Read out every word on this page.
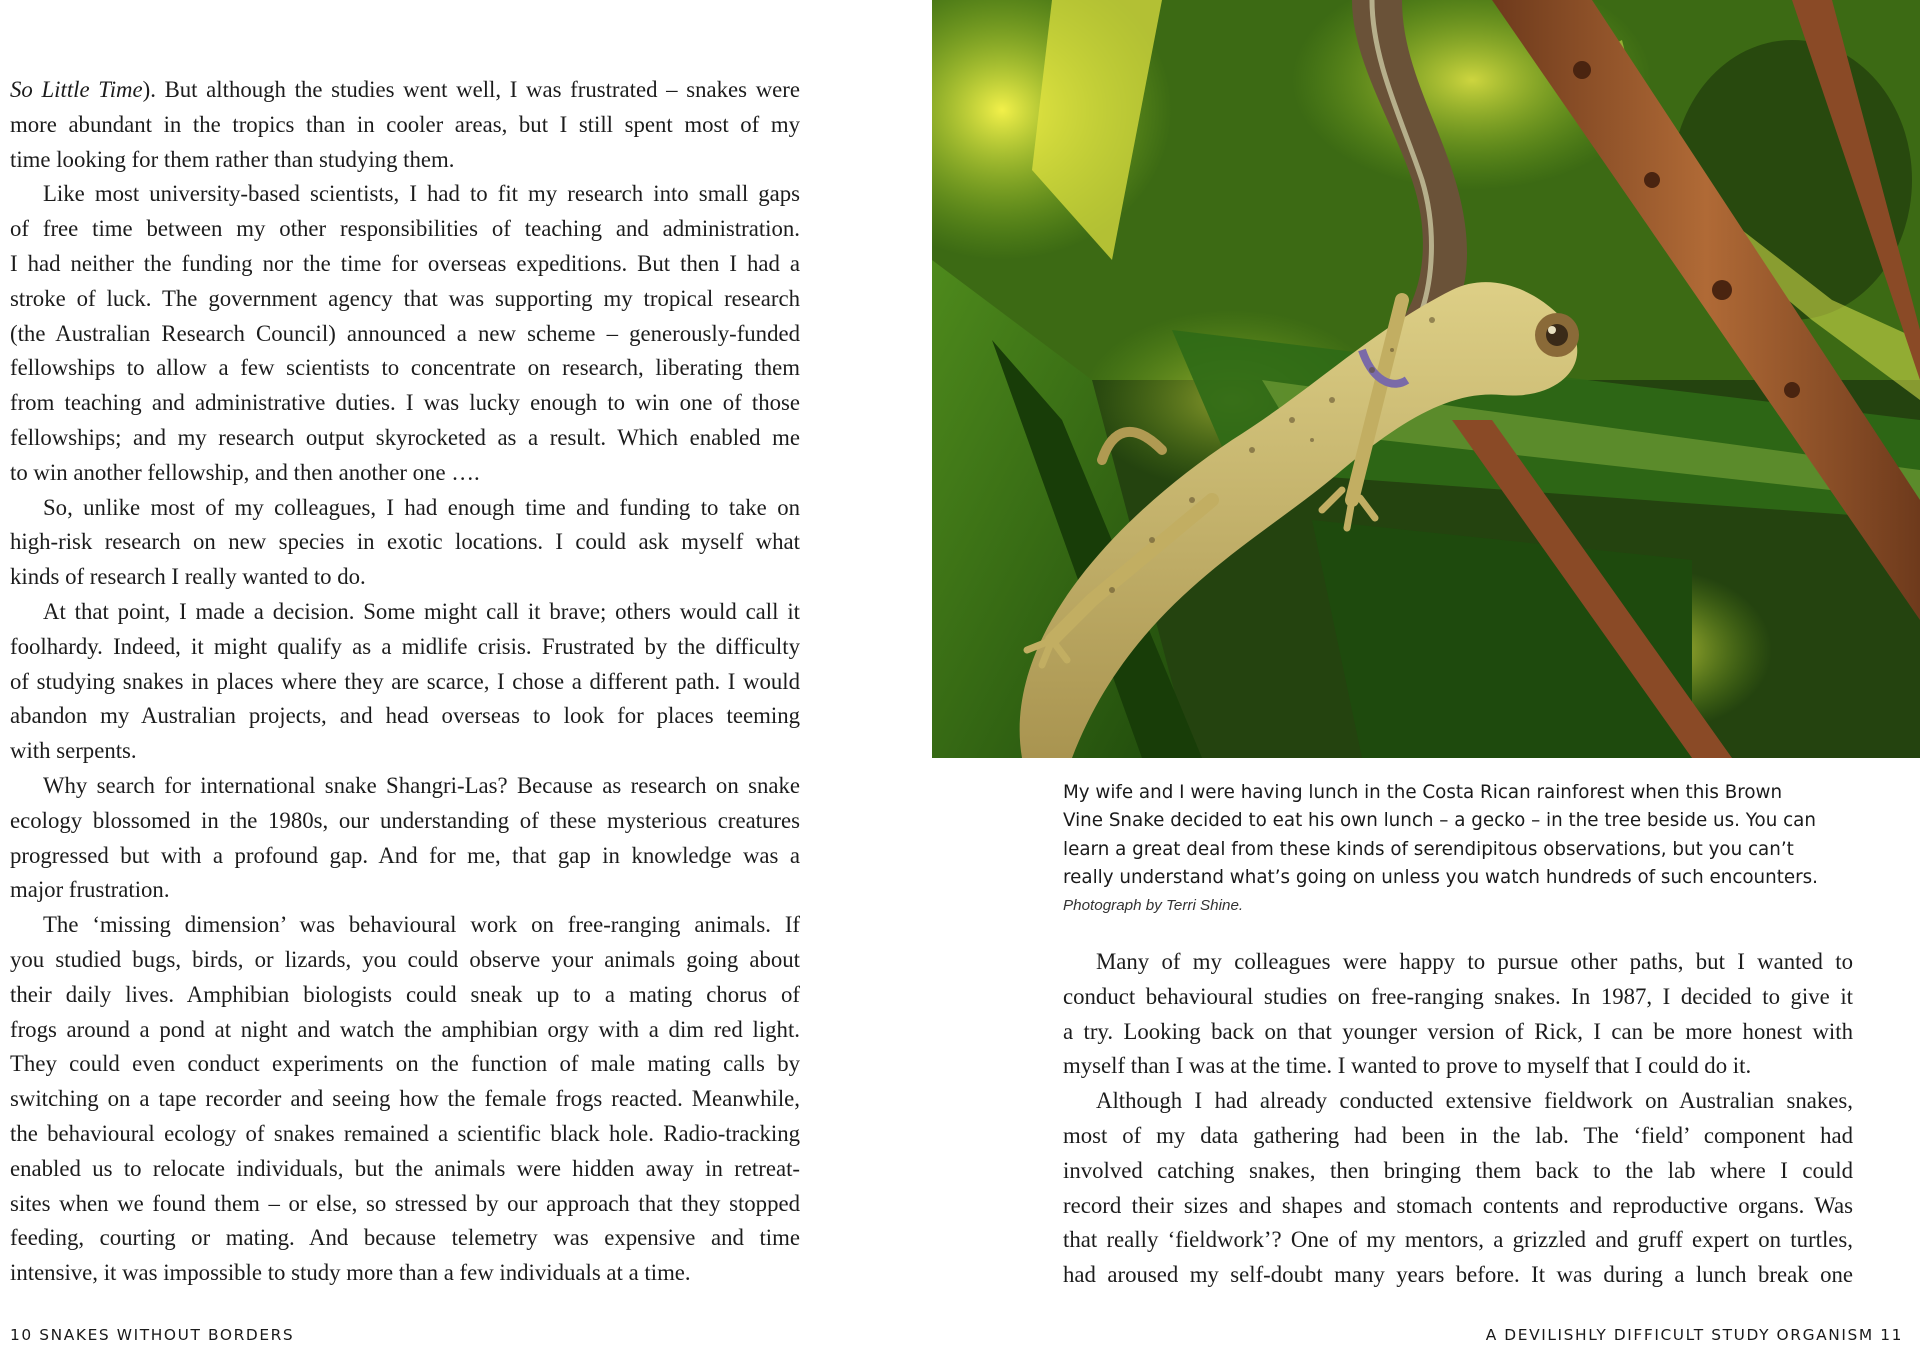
So Little Time). But although the studies went well, I was frustrated – snakes were
more abundant in the tropics than in cooler areas, but I still spent most of my
time looking for them rather than studying them.
Like most university-based scientists, I had to fit my research into small gaps
of free time between my other responsibilities of teaching and administration.
I had neither the funding nor the time for overseas expeditions. But then I had a
stroke of luck. The government agency that was supporting my tropical research
(the Australian Research Council) announced a new scheme – generously-funded
fellowships to allow a few scientists to concentrate on research, liberating them
from teaching and administrative duties. I was lucky enough to win one of those
fellowships; and my research output skyrocketed as a result. Which enabled me
to win another fellowship, and then another one ….
So, unlike most of my colleagues, I had enough time and funding to take on
high-risk research on new species in exotic locations. I could ask myself what
kinds of research I really wanted to do.
At that point, I made a decision. Some might call it brave; others would call it
foolhardy. Indeed, it might qualify as a midlife crisis. Frustrated by the difficulty
of studying snakes in places where they are scarce, I chose a different path. I would
abandon my Australian projects, and head overseas to look for places teeming
with serpents.
Why search for international snake Shangri-Las? Because as research on snake
ecology blossomed in the 1980s, our understanding of these mysterious creatures
progressed but with a profound gap. And for me, that gap in knowledge was a
major frustration.
The ‘missing dimension’ was behavioural work on free-ranging animals. If
you studied bugs, birds, or lizards, you could observe your animals going about
their daily lives. Amphibian biologists could sneak up to a mating chorus of
frogs around a pond at night and watch the amphibian orgy with a dim red light.
They could even conduct experiments on the function of male mating calls by
switching on a tape recorder and seeing how the female frogs reacted. Meanwhile,
the behavioural ecology of snakes remained a scientific black hole. Radio-tracking
enabled us to relocate individuals, but the animals were hidden away in retreat-
sites when we found them – or else, so stressed by our approach that they stopped
feeding, courting or mating. And because telemetry was expensive and time
intensive, it was impossible to study more than a few individuals at a time.
My wife and I were having lunch in the Costa Rican rainforest when this Brown
Vine Snake decided to eat his own lunch – a gecko – in the tree beside us. You can
learn a great deal from these kinds of serendipitous observations, but you can’t
really understand what’s going on unless you watch hundreds of such encounters.
Photograph by Terri Shine.
Many of my colleagues were happy to pursue other paths, but I wanted to
conduct behavioural studies on free-ranging snakes. In 1987, I decided to give it
a try. Looking back on that younger version of Rick, I can be more honest with
myself than I was at the time. I wanted to prove to myself that I could do it.
Although I had already conducted extensive fieldwork on Australian snakes,
most of my data gathering had been in the lab. The ‘field’ component had
involved catching snakes, then bringing them back to the lab where I could
record their sizes and shapes and stomach contents and reproductive organs. Was
that really ‘fieldwork’? One of my mentors, a grizzled and gruff expert on turtles,
had aroused my self-doubt many years before. It was during a lunch break one
10 SNAKES WITHOUT BORDERS	A DEVILISHLY DIFFICULT STUDY ORGANISM 11
